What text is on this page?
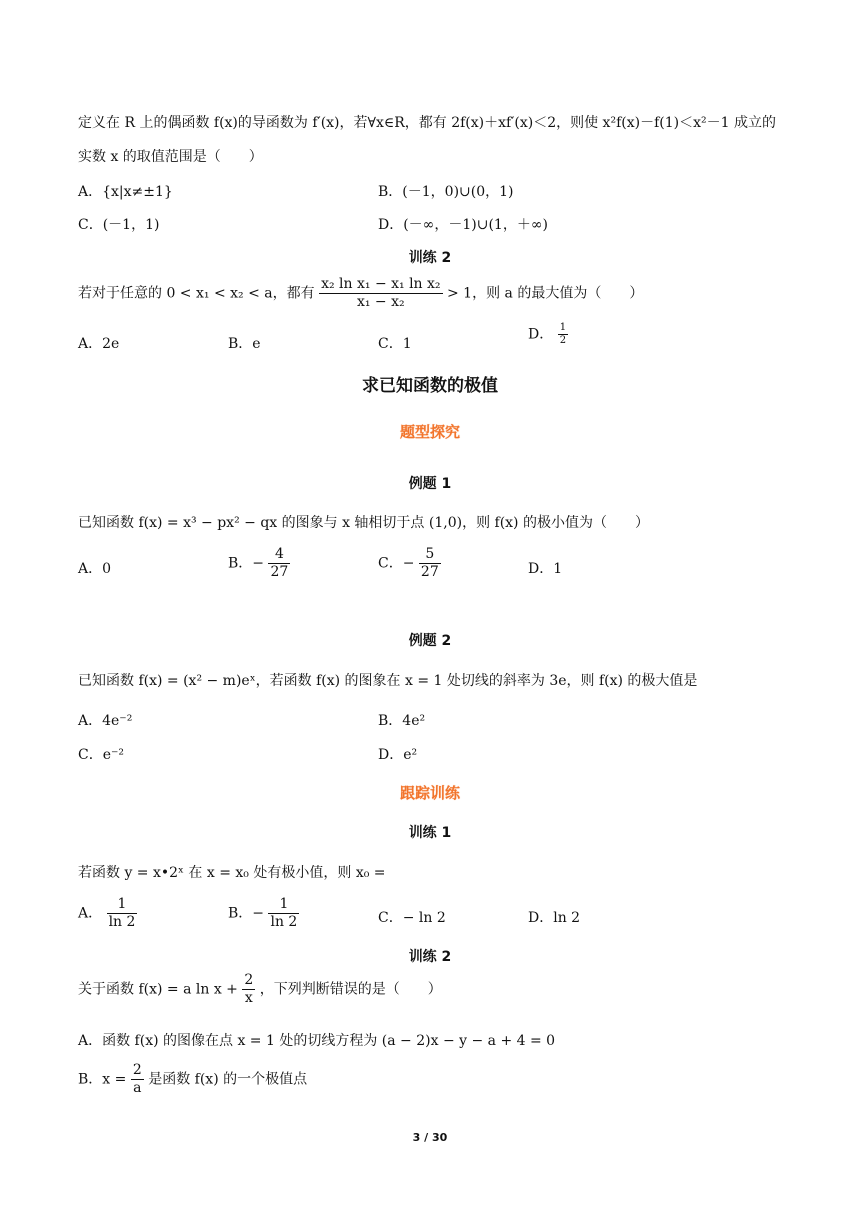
定义在 R 上的偶函数 f(x)的导函数为 f′(x)，若∀x∈R，都有 2f(x)＋xf′(x)＜2，则使 x²f(x)－f(1)＜x²－1 成立的
实数 x 的取值范围是（　　）
A．{x|x≠±1}	B．(－1，0)∪(0，1)
C．(－1，1)	D．(－∞，－1)∪(1，＋∞)
训练 2
若对于任意的 0 < x₁ < x₂ < a，都有 $\frac{\text{x₂ ln x₁ − x₁ ln x₂}}{\text{x₁ − x₂}} > 1$，则 a 的最大值为（　　）
A．2e	B．e	C．1
D． $\frac{1}{2}$
求已知函数的极值
题型探究
例题 1
已知函数 f(x) = x³ − px² − qx 的图象与 x 轴相切于点 (1,0)，则 f(x) 的极小值为（　　）
A．0	B．− $\frac{4}{27}$	C．− $\frac{5}{27}$	D．1
例题 2
已知函数 f(x) = (x² − m)eˣ，若函数 f(x) 的图象在 x = 1 处切线的斜率为 3e，则 f(x) 的极大值是
A．4e⁻²	B．4e²
C．e⁻²	D．e²
跟踪训练
训练 1
若函数 y = x•2ˣ 在 x = x₀ 处有极小值，则 x₀ =
A． $\frac{1}{\ln 2}$	B．− $\frac{1}{\ln 2}$	C．− ln 2	D．ln 2
训练 2
关于函数 f(x) = a $\ln x + \frac{2}{x}$ ，下列判断错误的是（　　）
A．函数 f(x) 的图像在点 x = 1 处的切线方程为 (a − 2)x − y − a + 4 = 0
B．$x = \frac{2}{a}$ 是函数 f(x) 的一个极值点
3 / 30
